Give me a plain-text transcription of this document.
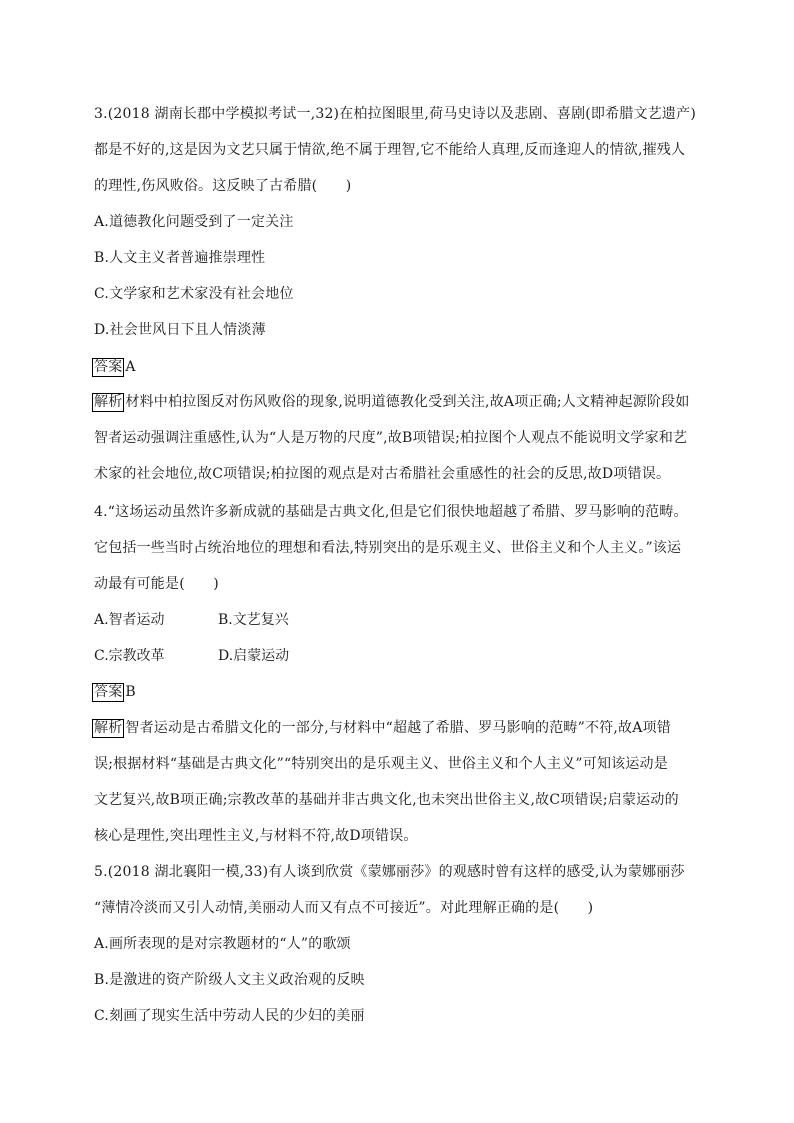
3.(2018 湖南长郡中学模拟考试一,32)在柏拉图眼里,荷马史诗以及悲剧、喜剧(即希腊文艺遗产)
都是不好的,这是因为文艺只属于情欲,绝不属于理智,它不能给人真理,反而逢迎人的情欲,摧残人
的理性,伤风败俗。这反映了古希腊(　　)
A.道德教化问题受到了一定关注
B.人文主义者普遍推崇理性
C.文学家和艺术家没有社会地位
D.社会世风日下且人情淡薄
答案 A
解析 材料中柏拉图反对伤风败俗的现象,说明道德教化受到关注,故A项正确;人文精神起源阶段如
智者运动强调注重感性,认为“人是万物的尺度”,故B项错误;柏拉图个人观点不能说明文学家和艺
术家的社会地位,故C项错误;柏拉图的观点是对古希腊社会重感性的社会的反思,故D项错误。
4.“这场运动虽然许多新成就的基础是古典文化,但是它们很快地超越了希腊、罗马影响的范畴。
它包括一些当时占统治地位的理想和看法,特别突出的是乐观主义、世俗主义和个人主义。”该运
动最有可能是(　　)
A.智者运动	B.文艺复兴
C.宗教改革	D.启蒙运动
答案 B
解析 智者运动是古希腊文化的一部分,与材料中“超越了希腊、罗马影响的范畴”不符,故A项错
误;根据材料“基础是古典文化”“特别突出的是乐观主义、世俗主义和个人主义”可知该运动是
文艺复兴,故B项正确;宗教改革的基础并非古典文化,也未突出世俗主义,故C项错误;启蒙运动的
核心是理性,突出理性主义,与材料不符,故D项错误。
5.(2018 湖北襄阳一模,33)有人谈到欣赏《蒙娜丽莎》的观感时曾有这样的感受,认为蒙娜丽莎
“薄情冷淡而又引人动情,美丽动人而又有点不可接近”。对此理解正确的是(　　)
A.画所表现的是对宗教题材的“人”的歌颂
B.是激进的资产阶级人文主义政治观的反映
C.刻画了现实生活中劳动人民的少妇的美丽
